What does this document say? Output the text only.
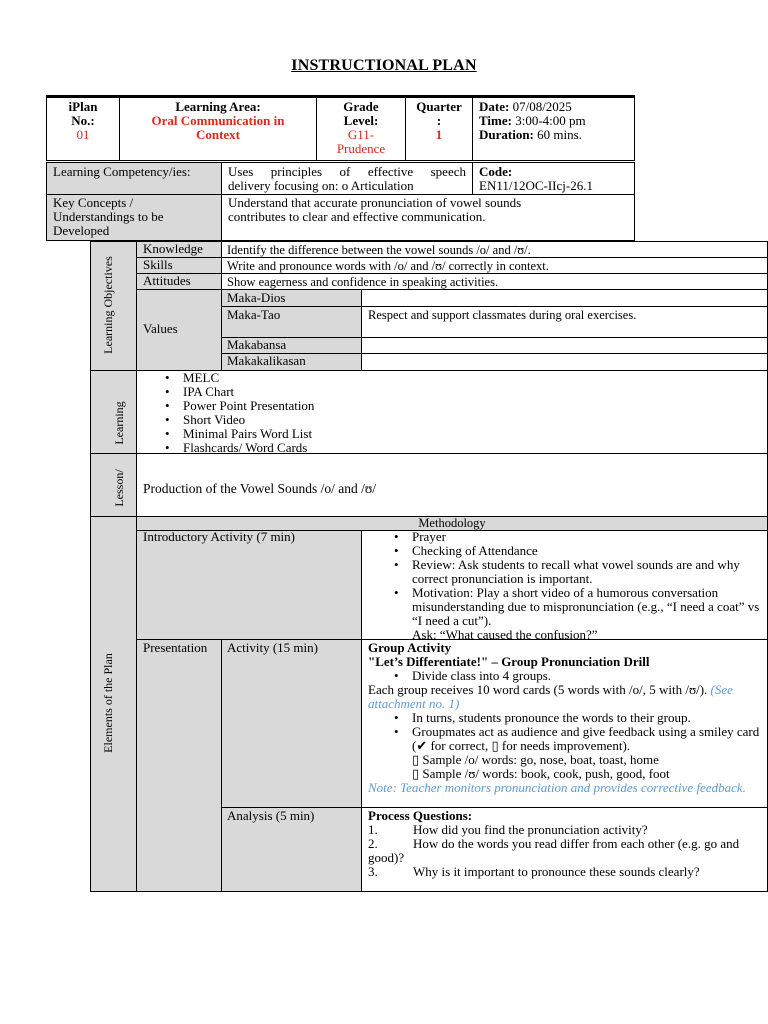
INSTRUCTIONAL PLAN
iPlan
No.:
01
Learning Area:
Oral Communication in
Context
Grade
Level:
G11-
Prudence
Quarter
:
1
Date: 07/08/2025
Time: 3:00-4:00 pm
Duration: 60 mins.
Learning Competency/ies:	Uses principles of effective speech
delivery focusing on: o Articulation
Code:
EN11/12OC-IIcj-26.1
Key Concepts /
Understandings to be
Developed
Understand that accurate pronunciation of vowel sounds
contributes to clear and effective communication.
Learning Objectives
Learning
Lesson/
Elements of the Plan
Knowledge Identify the difference between the vowel sounds /o/ and /ʊ/.
Skills	Write and pronounce words with /o/ and /ʊ/ correctly in context.
Attitudes	Show eagerness and confidence in speaking activities.
Values
Maka-Dios
Maka-Tao	Respect and support classmates during oral exercises.
Makabansa
Makakalikasan
• MELC
• IPA Chart
• Power Point Presentation
• Short Video
• Minimal Pairs Word List
• Flashcards/ Word Cards
Production of the Vowel Sounds /o/ and /ʊ/
Methodology
Introductory Activity (7 min)
•	Prayer
• Checking of Attendance
• Review: Ask students to recall what vowel sounds are and why correct pronunciation is important.
• Motivation: Play a short video of a humorous conversation misunderstanding due to mispronunciation (e.g., “I need a coat” vs “I need a cut”).
Ask: “What caused the confusion?”
Presentation Activity (15 min)	Group Activity
"Let’s Differentiate!" – Group Pronunciation Drill
• Divide class into 4 groups.
Each group receives 10 word cards (5 words with /o/, 5 with /ʊ/). (See attachment no. 1)
• In turns, students pronounce the words to their group.
• Groupmates act as audience and give feedback using a smiley card (✔ for correct, ▯ for needs improvement).
▯ Sample /o/ words: go, nose, boat, toast, home
▯ Sample /ʊ/ words: book, cook, push, good, foot
Note: Teacher monitors pronunciation and provides corrective feedback.
Analysis (5 min)	Process Questions:
1.	How did you find the pronunciation activity?
2.	How do the words you read differ from each other (e.g. go and good)?
3.	Why is it important to pronounce these sounds clearly?
